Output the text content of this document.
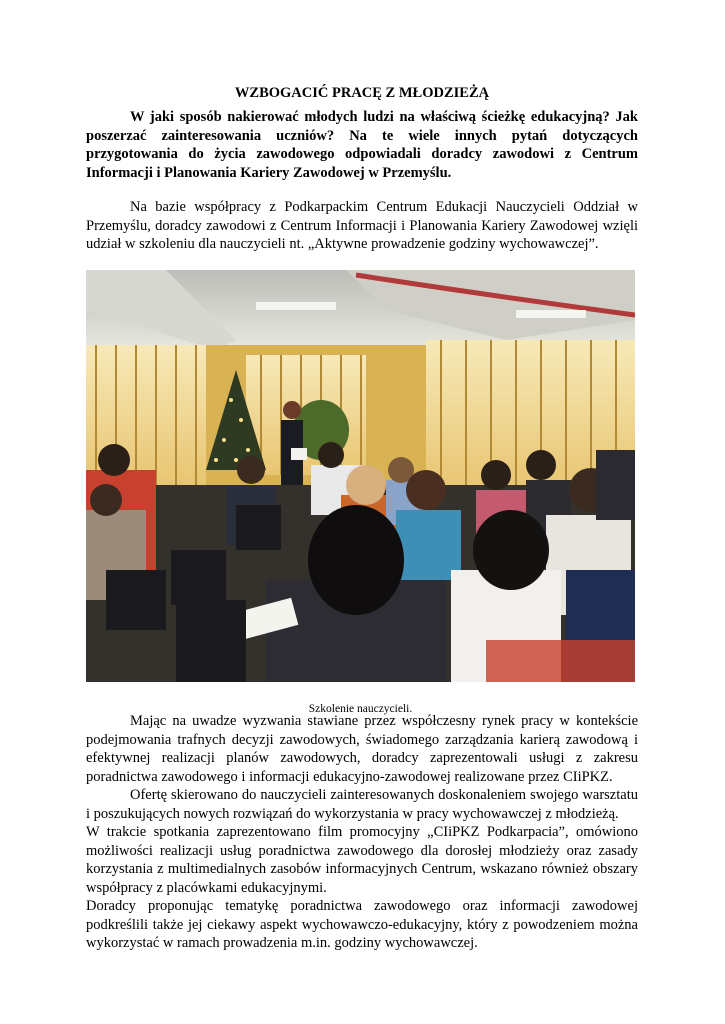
WZBOGACIĆ PRACĘ Z MŁODZIEŻĄ

W jaki sposób nakierować młodych ludzi na właściwą ścieżkę edukacyjną? Jak poszerzać zainteresowania uczniów? Na te wiele innych pytań dotyczących przygotowania do życia zawodowego odpowiadali doradcy zawodowi z Centrum Informacji i Planowania Kariery Zawodowej w Przemyślu.

Na bazie współpracy z Podkarpackim Centrum Edukacji Nauczycieli Oddział w Przemyślu, doradcy zawodowi z Centrum Informacji i Planowania Kariery Zawodowej wzięli udział w szkoleniu dla nauczycieli nt. „Aktywne prowadzenie godziny wychowawczej”.

Szkolenie nauczycieli.

Mając na uwadze wyzwania stawiane przez współczesny rynek pracy w kontekście podejmowania trafnych decyzji zawodowych, świadomego zarządzania karierą zawodową i efektywnej realizacji planów zawodowych, doradcy zaprezentowali usługi z zakresu poradnictwa zawodowego i informacji edukacyjno-zawodowej realizowane przez CIiPKZ.

Ofertę skierowano do nauczycieli zainteresowanych doskonaleniem swojego warsztatu i poszukujących nowych rozwiązań do wykorzystania w pracy wychowawczej z młodzieżą.

W trakcie spotkania zaprezentowano film promocyjny „CIiPKZ Podkarpacia”, omówiono możliwości realizacji usług poradnictwa zawodowego dla dorosłej młodzieży oraz zasady korzystania z multimedialnych zasobów informacyjnych Centrum, wskazano również obszary współpracy z placówkami edukacyjnymi.

Doradcy proponując tematykę poradnictwa zawodowego oraz informacji zawodowej podkreślili także jej ciekawy aspekt wychowawczo-edukacyjny, który z powodzeniem można wykorzystać w ramach prowadzenia m.in. godziny wychowawczej.
